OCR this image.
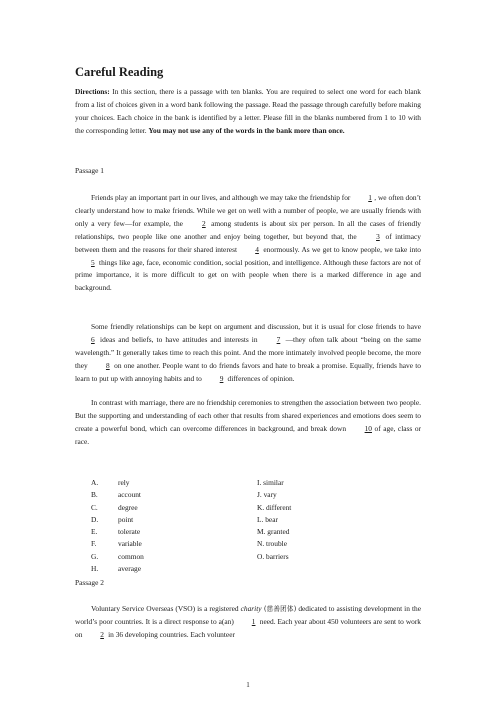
Careful Reading

Directions: In this section, there is a passage with ten blanks. You are required to select one word for each blank from a list of choices given in a word bank following the passage. Read the passage through carefully before making your choices. Each choice in the bank is identified by a letter. Please fill in the blanks numbered from 1 to 10 with the corresponding letter. You may not use any of the words in the bank more than once.

Passage 1

Friends play an important part in our lives, and although we may take the friendship for 1 , we often don’t clearly understand how to make friends. While we get on well with a number of people, we are usually friends with only a very few—for example, the 2 among students is about six per person. In all the cases of friendly relationships, two people like one another and enjoy being together, but beyond that, the 3 of intimacy between them and the reasons for their shared interest 4 enormously. As we get to know people, we take into 5 things like age, face, economic condition, social position, and intelligence. Although these factors are not of prime importance, it is more difficult to get on with people when there is a marked difference in age and background.

Some friendly relationships can be kept on argument and discussion, but it is usual for close friends to have 6 ideas and beliefs, to have attitudes and interests in 7 —they often talk about “being on the same wavelength.” It generally takes time to reach this point. And the more intimately involved people become, the more they 8 on one another. People want to do friends favors and hate to break a promise. Equally, friends have to learn to put up with annoying habits and to 9 differences of opinion.

In contrast with marriage, there are no friendship ceremonies to strengthen the association between two people. But the supporting and understanding of each other that results from shared experiences and emotions does seem to create a powerful bond, which can overcome differences in background, and break down 10 of age, class or race.

A.	rely	I. similar
B.	account	J. vary
C.	degree	K. different
D.	point	L. bear
E.	tolerate	M. granted
F.	variable	N. trouble
G.	common	O. barriers
H.	average
Passage 2

Voluntary Service Overseas (VSO) is a registered charity (慈善团体) dedicated to assisting development in the world’s poor countries. It is a direct response to a(an) 1 need. Each year about 450 volunteers are sent to work on 2 in 36 developing countries. Each volunteer

1
